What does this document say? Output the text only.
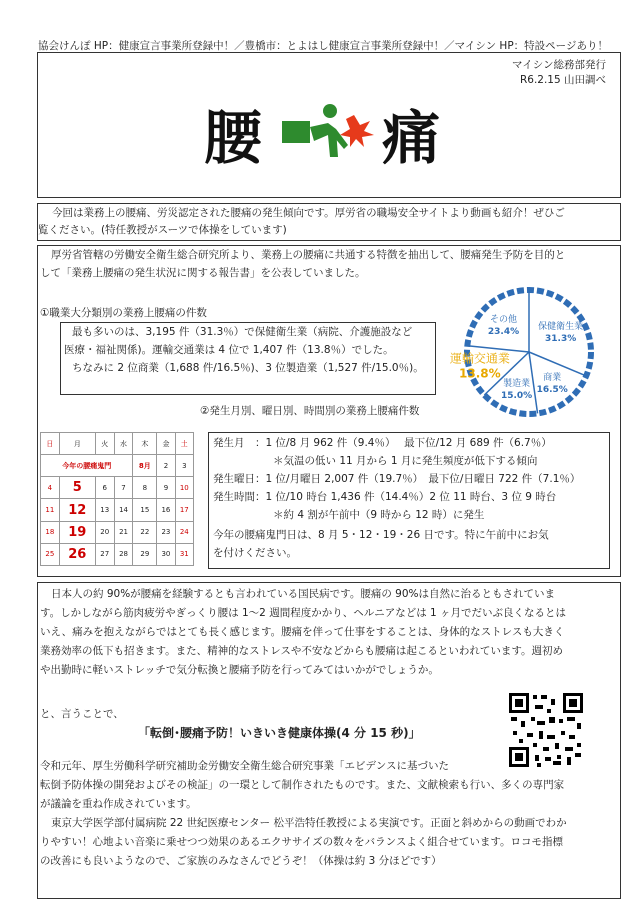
協会けんぽ HP：健康宣言事業所登録中！／豊橋市：とよはし健康宣言事業所登録中！／マイシン HP：特設ページあり！
マイシン総務部発行
R6.2.15 山田調べ
腰 痛
今回は業務上の腰痛、労災認定された腰痛の発生傾向です。厚労省の職場安全サイトより動画も紹介！ぜひご
覧ください。(特任教授がスーツで体操をしています)
厚労省管轄の労働安全衛生総合研究所より、業務上の腰痛に共通する特徴を抽出して、腰痛発生予防を目的と
して「業務上腰痛の発生状況に関する報告書」を公表していました。
①職業大分類別の業務上腰痛の件数
最も多いのは、3,195 件（31.3％）で保健衛生業（病院、介護施設など
医療・福祉関係)。運輸交通業は 4 位で 1,407 件（13.8％）でした。
ちなみに 2 位商業（1,688 件/16.5％)、3 位製造業（1,527 件/15.0％)。
②発生月別、曜日別、時間別の業務上腰痛件数
保健衛生業
31.3%
商業
16.5%
製造業
15.0%
運輸交通業
13.8%
その他
23.4%
日	月	火	水	木	金	土
今年の腰痛鬼門				8月	2	3
4	5	6	7	8	9	10
11	12	13	14	15	16	17
18	19	20	21	22	23	24
25	26	27	28	29	30	31
発生月　：1 位/8 月 962 件（9.4％）　 最下位/12 月 689 件（6.7％）
＊気温の低い 11 月から 1 月に発生頻度が低下する傾向
発生曜日：1 位/月曜日 2,007 件（19.7％）　最下位/日曜日 722 件（7.1％）
発生時間：1 位/10 時台 1,436 件（14.4％）2 位 11 時台、3 位 9 時台
＊約 4 割が午前中（9 時から 12 時）に発生
今年の腰痛鬼門日は、8 月 5・12・19・26 日です。特に午前中にお気
を付けください。
日本人の約 90%が腰痛を経験するとも言われている国民病です。腰痛の 90%は自然に治るともされていま
す。しかしながら筋肉疲労やぎっくり腰は 1～2 週間程度かかり、ヘルニアなどは 1 ヶ月でだいぶ良くなるとは
いえ、痛みを抱えながらではとても長く感じます。腰痛を伴って仕事をすることは、身体的なストレスも大きく
業務効率の低下も招きます。また、精神的なストレスや不安などからも腰痛は起こるといわれています。週初め
や出勤時に軽いストレッチで気分転換と腰痛予防を行ってみてはいかがでしょうか。
と、言うことで、
「転倒･腰痛予防！いきいき健康体操(4 分 15 秒)」
令和元年、厚生労働科学研究補助金労働安全衛生総合研究事業「エビデンスに基づいた
転倒予防体操の開発およびその検証」の一環として制作されたものです。また、文献検索も行い、多くの専門家
が議論を重ね作成されています。
東京大学医学部付属病院 22 世紀医療センター 松平浩特任教授による実演です。正面と斜めからの動画でわか
りやすい！心地よい音楽に乗せつつ効果のあるエクササイズの数々をバランスよく組合せています。ロコモ指標
の改善にも良いようなので、ご家族のみなさんでどうぞ！（体操は約 3 分ほどです）
